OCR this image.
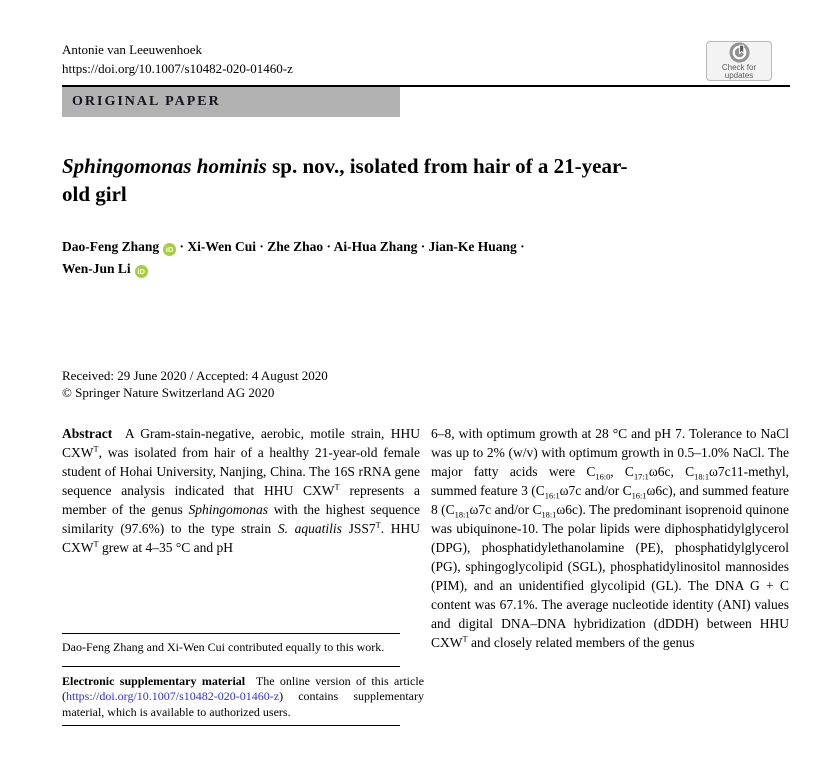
Antonie van Leeuwenhoek
https://doi.org/10.1007/s10482-020-01460-z	Check for
updates
ORIGINAL PAPER
Sphingomonas hominis sp. nov., isolated from hair of a 21-year-old girl
Dao-Feng Zhang iD · Xi-Wen Cui · Zhe Zhao · Ai-Hua Zhang · Jian-Ke Huang ·
Wen-Jun Li iD
Received: 29 June 2020 / Accepted: 4 August 2020
© Springer Nature Switzerland AG 2020
Abstract  A Gram-stain-negative, aerobic, motile strain, HHU $CXW^T$, was isolated from hair of a healthy 21-year-old female student of Hohai University, Nanjing, China. The 16S rRNA gene sequence analysis indicated that HHU $CXW^T$ represents a member of the genus Sphingomonas with the highest sequence similarity (97.6%) to the type strain S. aquatilis $JSS7^T$. HHU $CXW^T$ grew at 4–35 °C and pH
6–8, with optimum growth at 28 °C and pH 7. Tolerance to NaCl was up to 2% (w/v) with optimum growth in 0.5–1.0% NaCl. The major fatty acids were $C_{16:0}$, $C_{17:1}\omega 6c$, $C_{18:1}\omega 7c11$-methyl, summed feature 3 ($C_{16:1}\omega 7c$ and/or $C_{16:1}\omega 6c$), and summed feature 8 ($C_{18:1}\omega 7c$ and/or $C_{18:1}\omega 6c$). The predominant isoprenoid quinone was ubiquinone-10. The polar lipids were diphosphatidylglycerol (DPG), phosphatidylethanolamine (PE), phosphatidylglycerol (PG), sphingoglycolipid (SGL), phosphatidylinositol mannosides (PIM), and an unidentified glycolipid (GL). The DNA G + C content was 67.1%. The average nucleotide identity (ANI) values and digital DNA–DNA hybridization (dDDH) between HHU $CXW^T$ and closely related members of the genus

Dao-Feng Zhang and Xi-Wen Cui contributed equally to this work.

Electronic supplementary material  The online version of this article (https://doi.org/10.1007/s10482-020-01460-z) contains supplementary material, which is available to authorized users.
